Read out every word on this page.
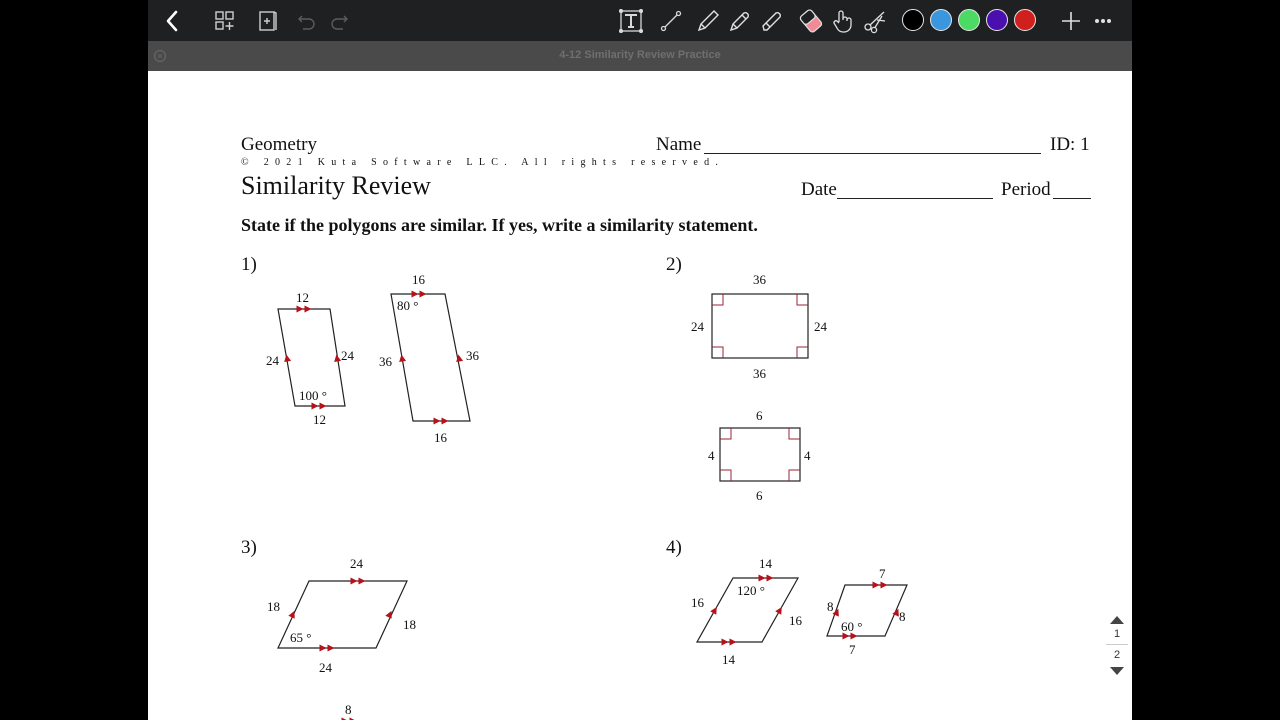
×	4-12 Similarity Review Practice
Geometry	Name	ID: 1
© 2021 Kuta Software LLC. All rights reserved.
Similarity Review	Date	Period
State if the polygons are similar. If yes, write a similarity statement.
1)	2)
3)	4)
12
24	24
12
100 °
16
36	36
16
80 °
36
24	24
36
6
4	4
6
24
18
18
24
65 °
8
14
16
16
14
120 °
7
8
8
7
60 °	1
2
